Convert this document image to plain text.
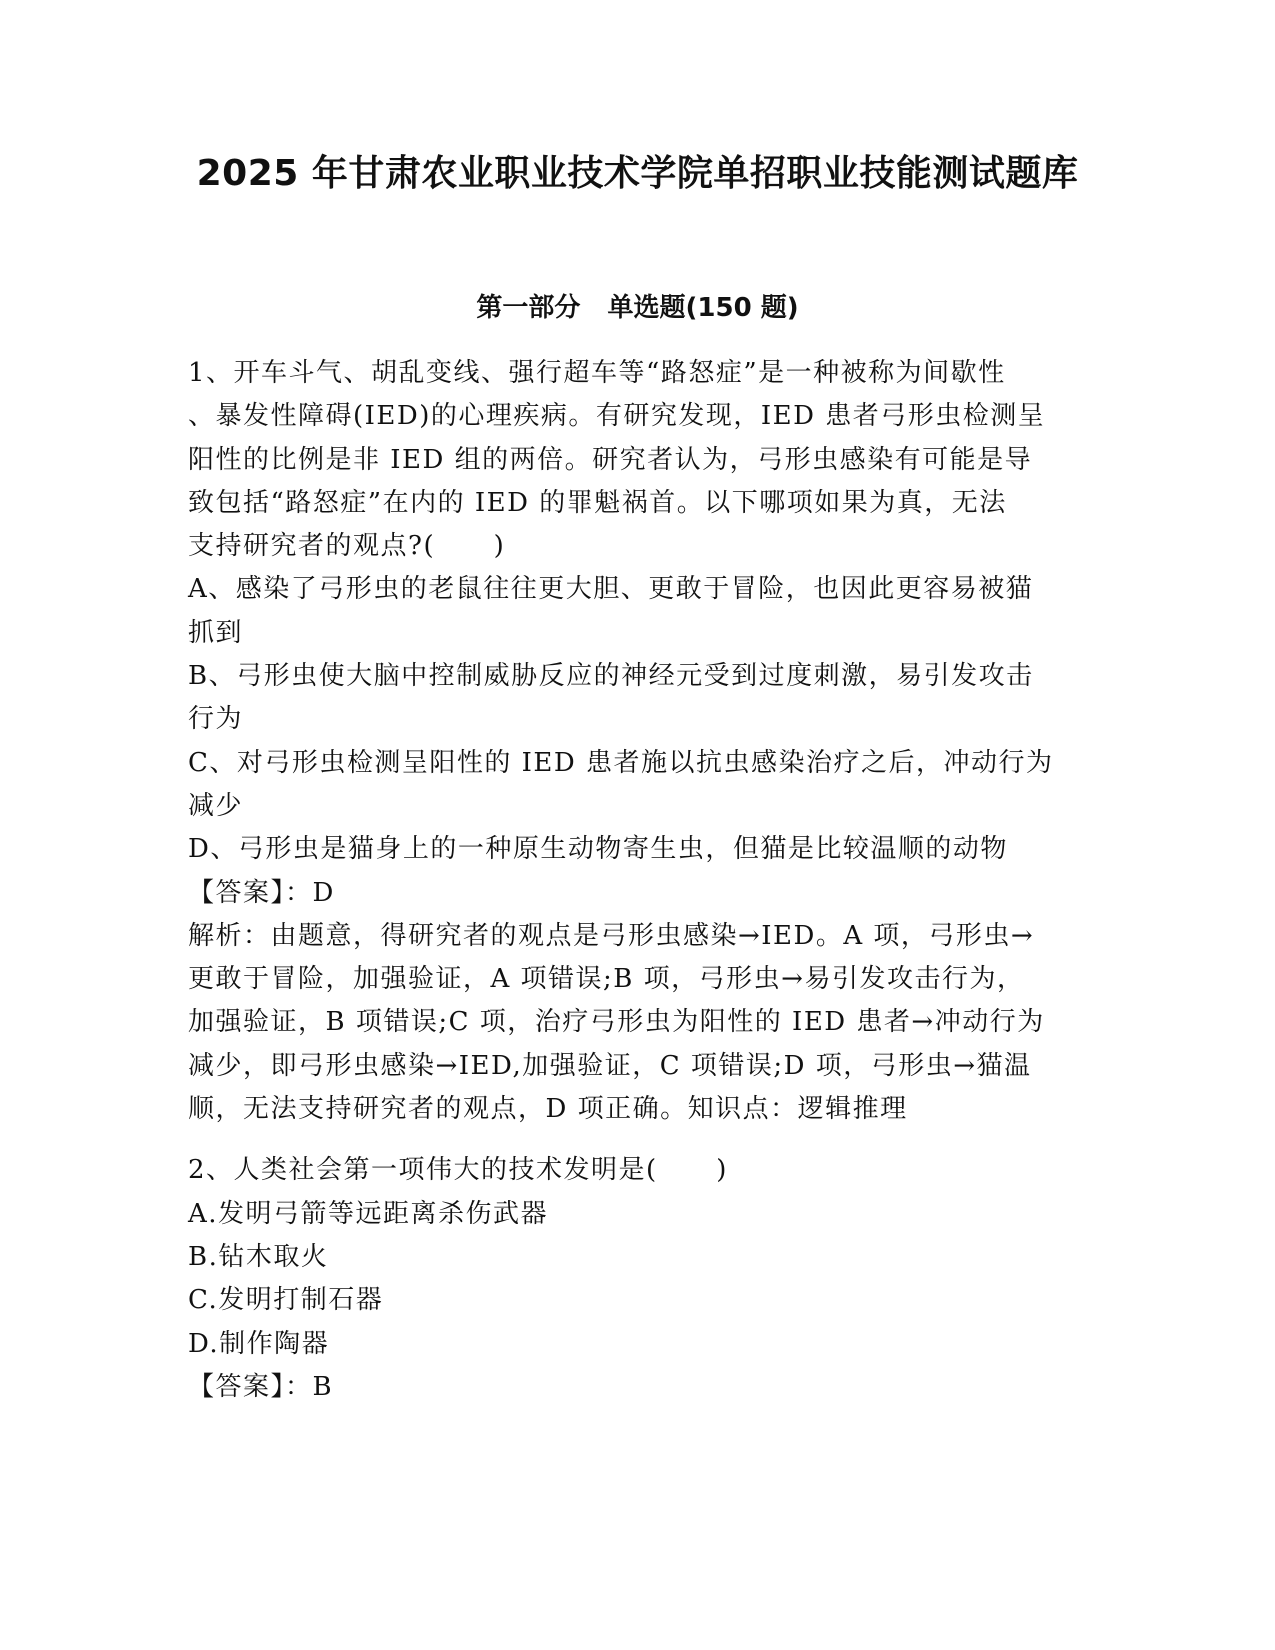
2025 年甘肃农业职业技术学院单招职业技能测试题库
第一部分   单选题(150 题)
1、开车斗气、胡乱变线、强行超车等“路怒症”是一种被称为间歇性
、暴发性障碍(IED)的心理疾病。有研究发现，IED 患者弓形虫检测呈
阳性的比例是非 IED 组的两倍。研究者认为，弓形虫感染有可能是导
致包括“路怒症”在内的 IED 的罪魁祸首。以下哪项如果为真，无法
支持研究者的观点?(      )
A、感染了弓形虫的老鼠往往更大胆、更敢于冒险，也因此更容易被猫
抓到
B、弓形虫使大脑中控制威胁反应的神经元受到过度刺激，易引发攻击
行为
C、对弓形虫检测呈阳性的 IED 患者施以抗虫感染治疗之后，冲动行为
减少
D、弓形虫是猫身上的一种原生动物寄生虫，但猫是比较温顺的动物
【答案】：D
解析：由题意，得研究者的观点是弓形虫感染→IED。A 项，弓形虫→
更敢于冒险，加强验证，A 项错误;B 项，弓形虫→易引发攻击行为，
加强验证，B 项错误;C 项，治疗弓形虫为阳性的 IED 患者→冲动行为
减少，即弓形虫感染→IED,加强验证，C 项错误;D 项，弓形虫→猫温
顺，无法支持研究者的观点，D 项正确。知识点：逻辑推理
2、人类社会第一项伟大的技术发明是(      )
A.发明弓箭等远距离杀伤武器
B.钻木取火
C.发明打制石器
D.制作陶器
【答案】：B
